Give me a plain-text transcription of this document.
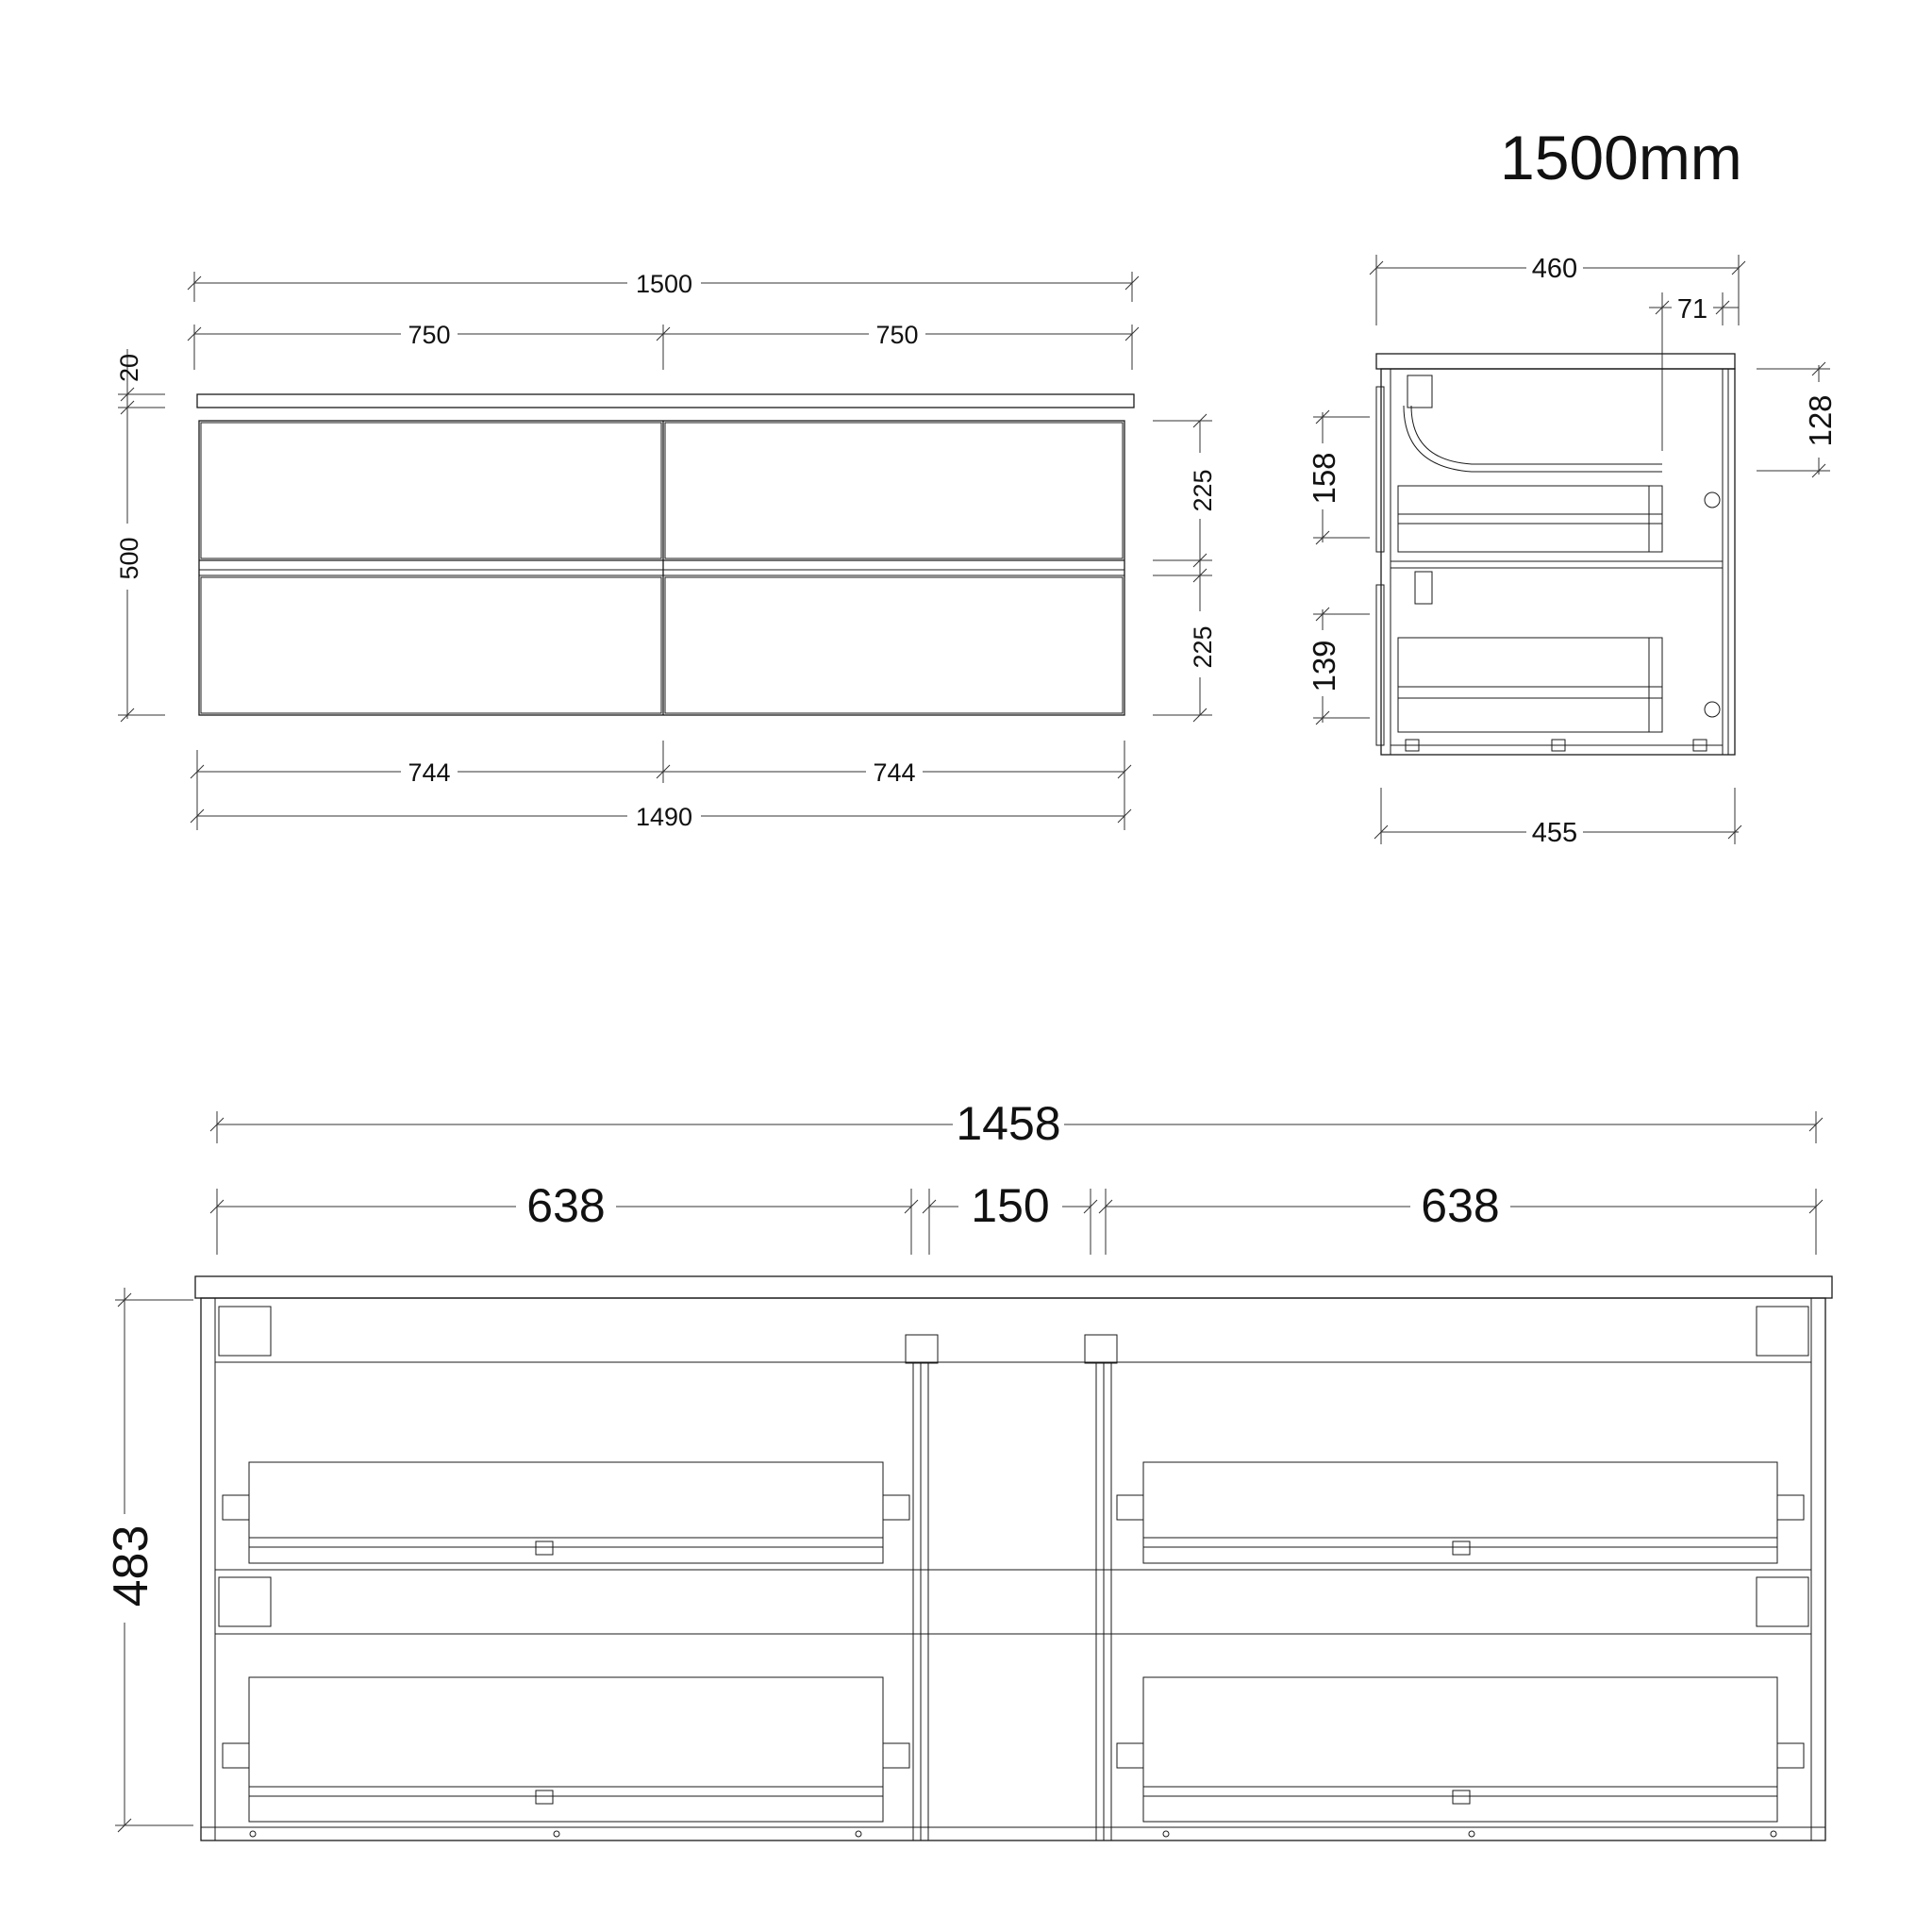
1500mm
1500
750	750
20
500
225
225
744	744
1490
460
71
158
139
128
455
1458
638	150	638
483
